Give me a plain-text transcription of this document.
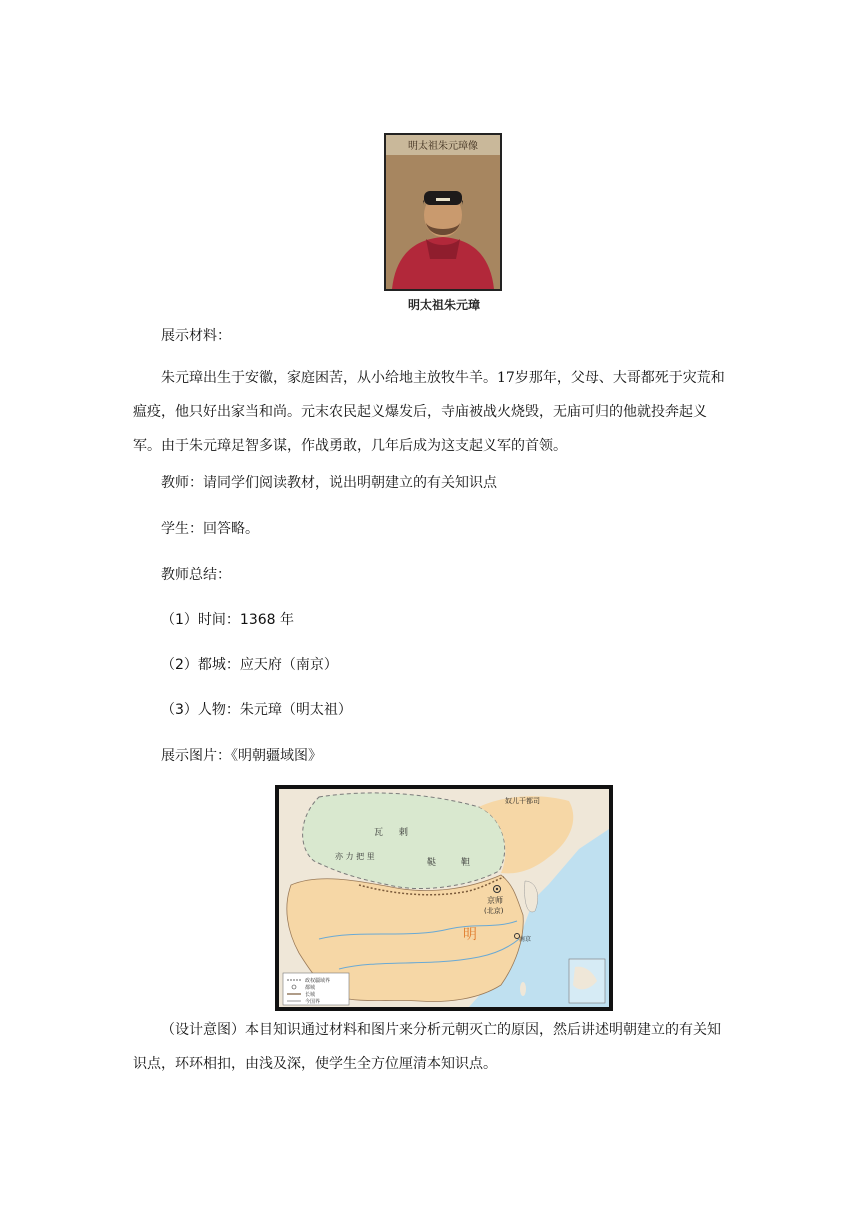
明太祖朱元璋像
明太祖朱元璋
展示材料：
朱元璋出生于安徽，家庭困苦，从小给地主放牧牛羊。17岁那年，父母、大哥都死于灾荒和瘟疫，他只好出家当和尚。元末农民起义爆发后，寺庙被战火烧毁，无庙可归的他就投奔起义军。由于朱元璋足智多谋，作战勇敢，几年后成为这支起义军的首领。
教师：请同学们阅读教材，说出明朝建立的有关知识点
学生：回答略。
教师总结：
（1）时间：1368 年
（2）都城：应天府（南京）
（3）人物：朱元璋（明太祖）
展示图片：《明朝疆域图》
瓦 剌
鞑	靼
亦 力 把 里
明
京师
(北京)
南京
奴儿干都司
政权疆域界
都城
长城
今国界
（设计意图）本目知识通过材料和图片来分析元朝灭亡的原因，然后讲述明朝建立的有关知识点，环环相扣，由浅及深，使学生全方位厘清本知识点。
